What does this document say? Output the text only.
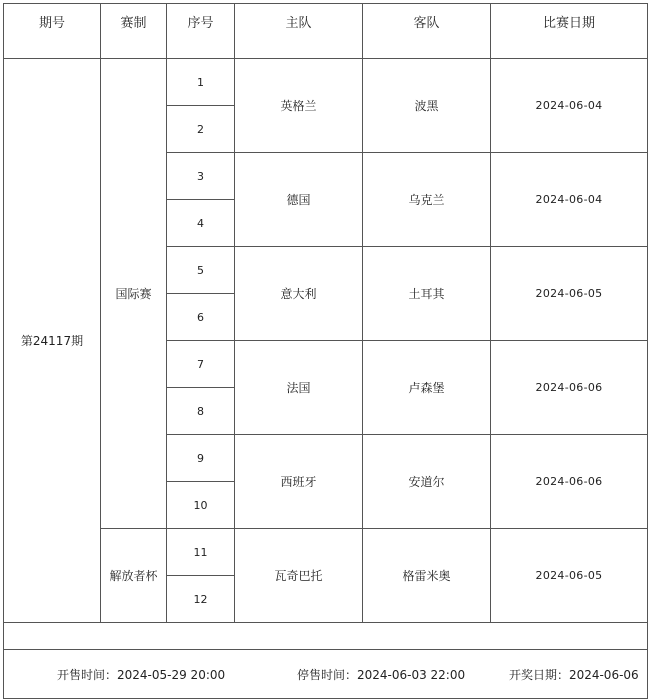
期号	赛制	序号	主队	客队	比赛日期
第24117期	国际赛	1	英格兰	波黑	2024-06-04
		2			
		3	德国	乌克兰	2024-06-04
		4			
		5	意大利	土耳其	2024-06-05
		6			
		7	法国	卢森堡	2024-06-06
		8			
		9	西班牙	安道尔	2024-06-06
		10			
	解放者杯	11	瓦奇巴托	格雷米奥	2024-06-05
		12			

开售时间：2024-05-29 20:00 停售时间：2024-06-03 22:00 开奖日期：2024-06-06					
